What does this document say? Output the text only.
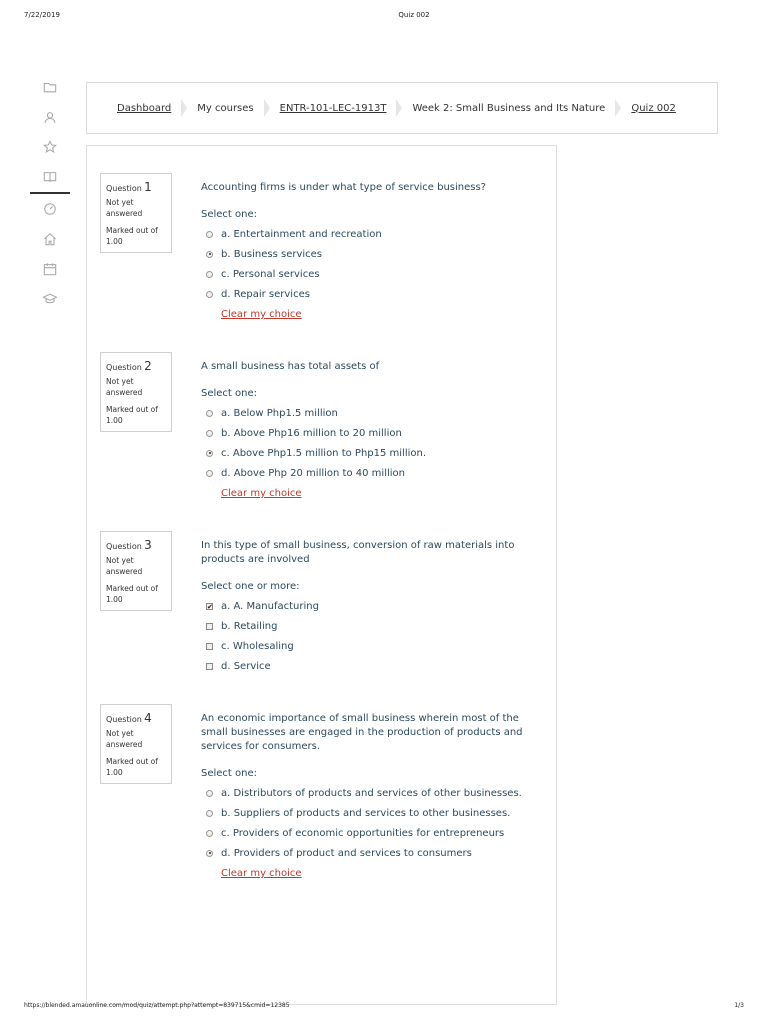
7/22/2019	Quiz 002
Dashboard	My courses	ENTR-101-LEC-1913T	Week 2: Small Business and Its Nature	Quiz 002
Question 1
Not yet answered
Marked out of 1.00
Accounting firms is under what type of service business?
Select one:
a. Entertainment and recreation
b. Business services
c. Personal services
d. Repair services
Clear my choice
Question 2
Not yet answered
Marked out of 1.00
A small business has total assets of
Select one:
a. Below Php1.5 million
b. Above Php16 million to 20 million
c. Above Php1.5 million to Php15 million.
d. Above Php 20 million to 40 million
Clear my choice
Question 3
Not yet answered
Marked out of 1.00
In this type of small business, conversion of raw materials into products are involved
Select one or more:
✔ a. A. Manufacturing
b. Retailing
c. Wholesaling
d. Service
Question 4
Not yet answered
Marked out of 1.00
An economic importance of small business wherein most of the small businesses are engaged in the production of products and services for consumers.
Select one:
a. Distributors of products and services of other businesses.
b. Suppliers of products and services to other businesses.
c. Providers of economic opportunities for entrepreneurs
d. Providers of product and services to consumers
Clear my choice
https://blended.amauonline.com/mod/quiz/attempt.php?attempt=839715&cmid=12385	1/3
